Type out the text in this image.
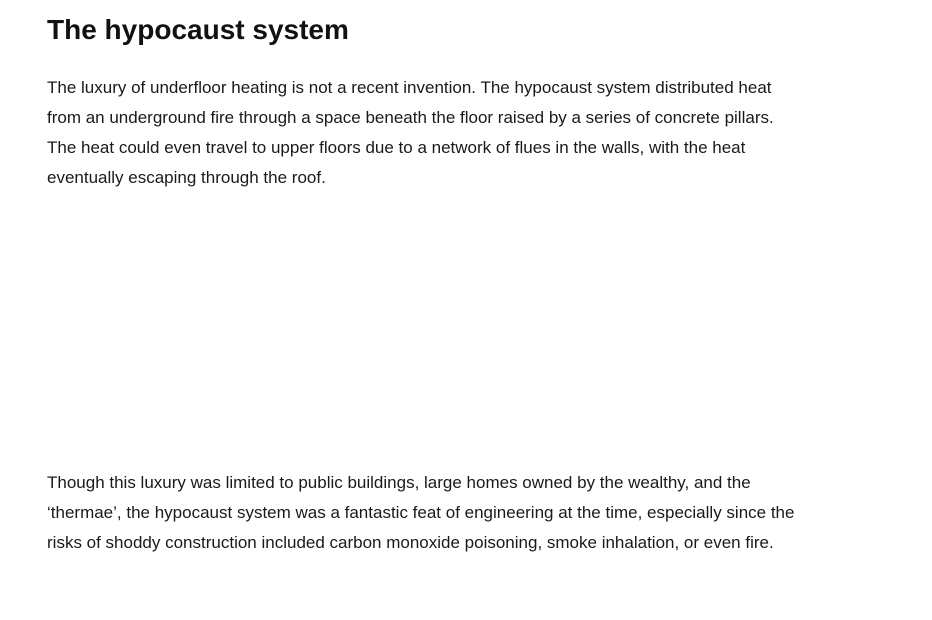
The hypocaust system

The luxury of underfloor heating is not a recent invention. The hypocaust system distributed heat from an underground fire through a space beneath the floor raised by a series of concrete pillars. The heat could even travel to upper floors due to a network of flues in the walls, with the heat eventually escaping through the roof.

Though this luxury was limited to public buildings, large homes owned by the wealthy, and the ‘thermae’, the hypocaust system was a fantastic feat of engineering at the time, especially since the risks of shoddy construction included carbon monoxide poisoning, smoke inhalation, or even fire.
